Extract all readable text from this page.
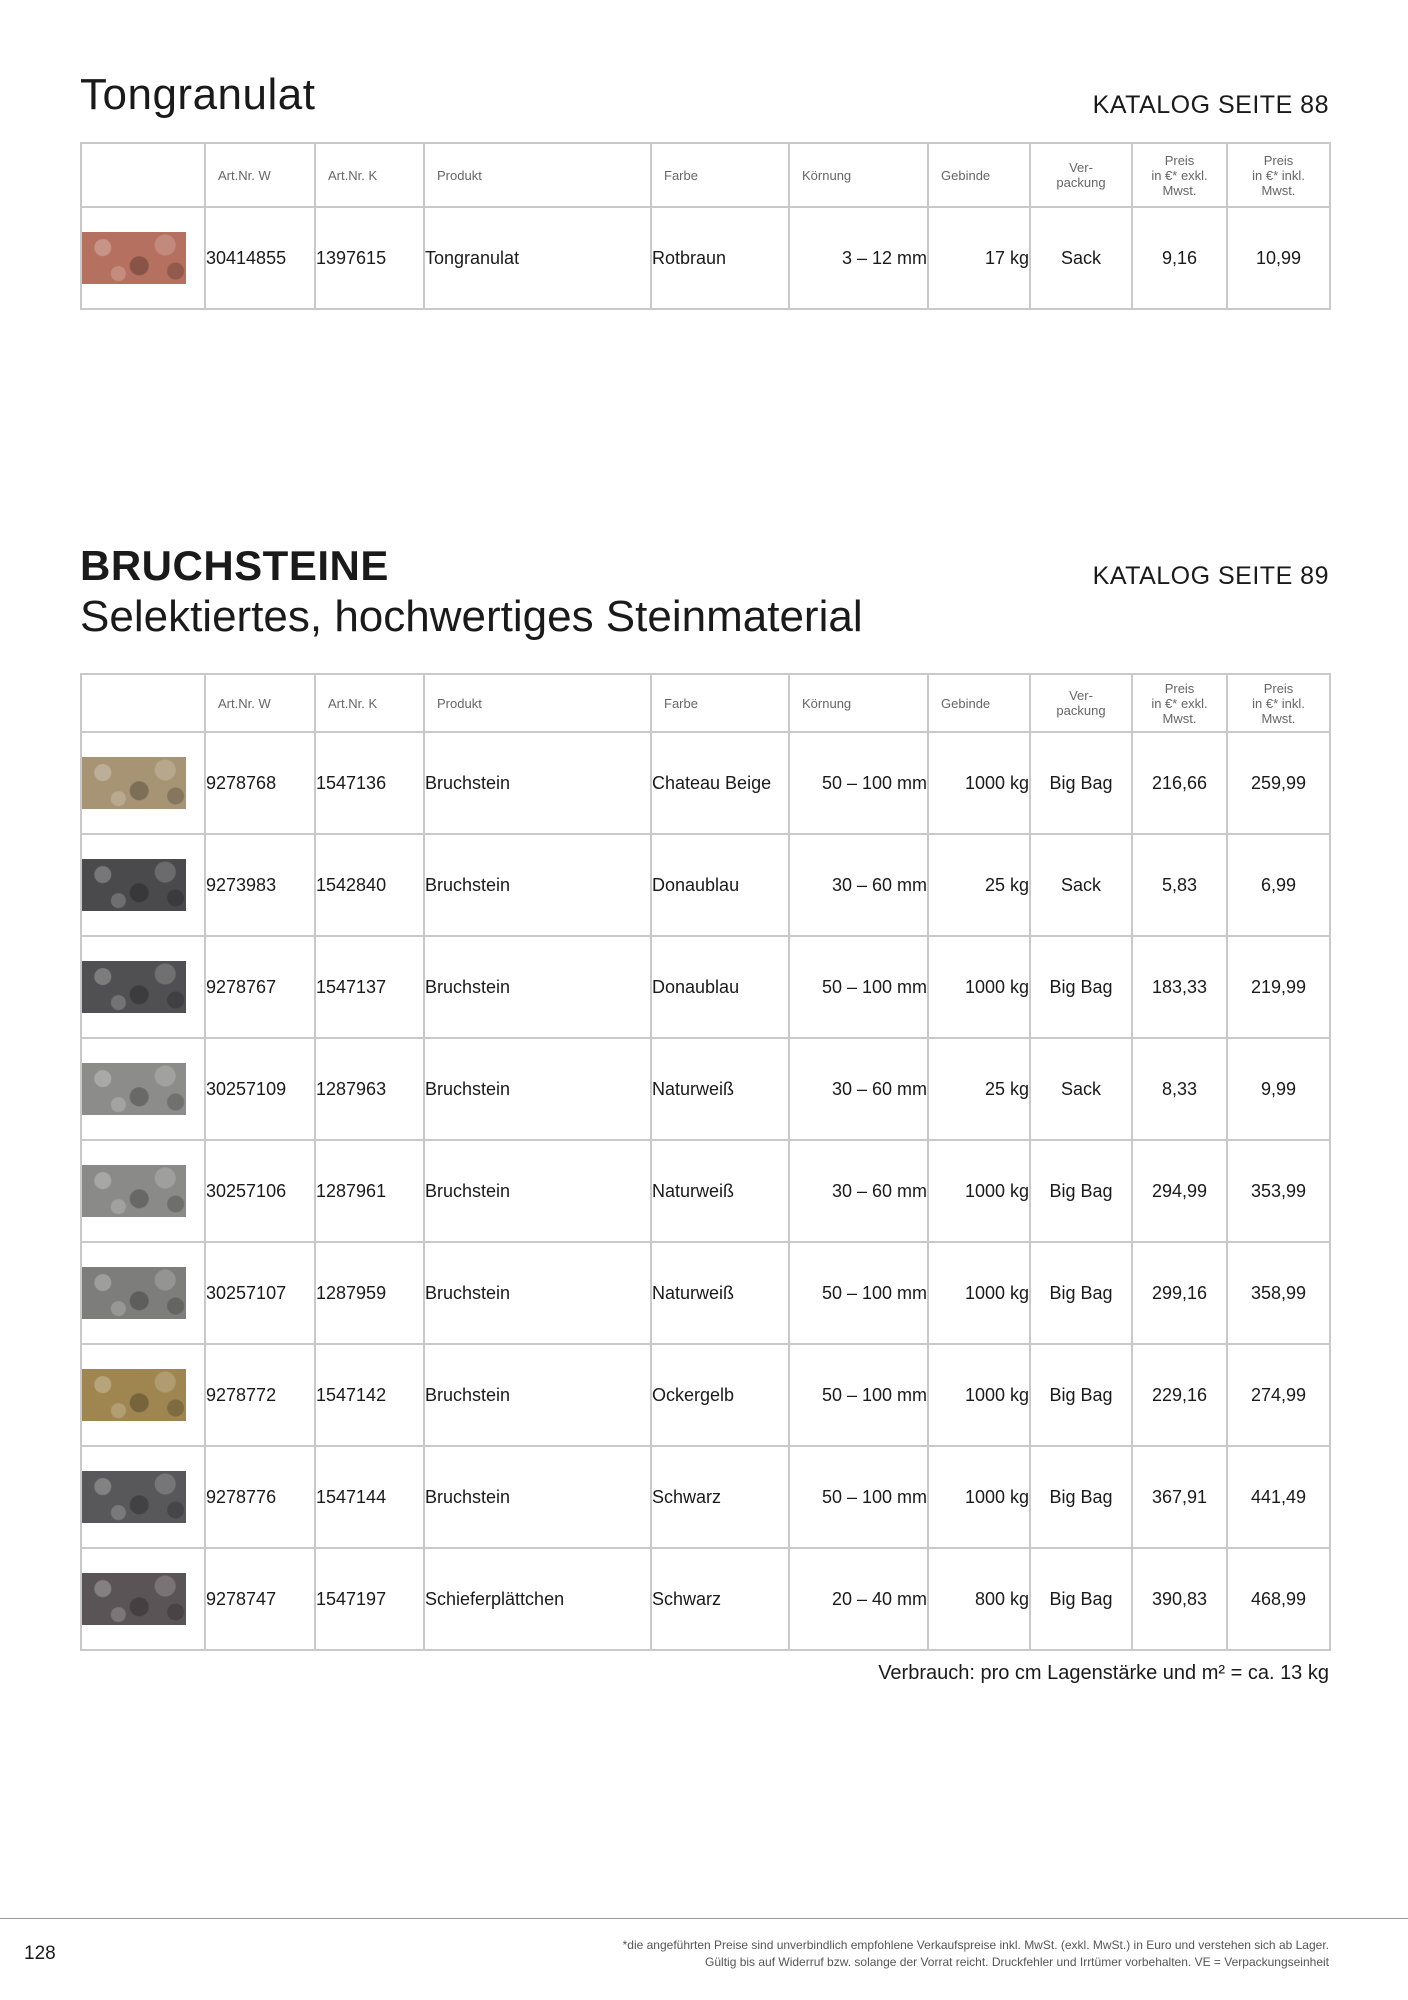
Tongranulat	KATALOG SEITE 88
	Art.Nr. W	Art.Nr. K	Produkt	Farbe	Körnung	Gebinde	Ver-
packung	Preis
in €* exkl.
Mwst.	Preis
in €* inkl.
Mwst.

	30414855	1397615	Tongranulat	Rotbraun	3 – 12 mm	17 kg	Sack	9,16	10,99
BRUCHSTEINE
Selektiertes, hochwertiges Steinmaterial
KATALOG SEITE 89
	Art.Nr. W	Art.Nr. K	Produkt	Farbe	Körnung	Gebinde	Ver-
packung	Preis
in €* exkl.
Mwst.	Preis
in €* inkl.
Mwst.

	9278768	1547136	Bruchstein	Chateau Beige	50 – 100 mm	1000 kg	Big Bag	216,66	259,99

	9273983	1542840	Bruchstein	Donaublau	30 – 60 mm	25 kg	Sack	5,83	6,99

	9278767	1547137	Bruchstein	Donaublau	50 – 100 mm	1000 kg	Big Bag	183,33	219,99

	30257109	1287963	Bruchstein	Naturweiß	30 – 60 mm	25 kg	Sack	8,33	9,99

	30257106	1287961	Bruchstein	Naturweiß	30 – 60 mm	1000 kg	Big Bag	294,99	353,99

	30257107	1287959	Bruchstein	Naturweiß	50 – 100 mm	1000 kg	Big Bag	299,16	358,99

	9278772	1547142	Bruchstein	Ockergelb	50 – 100 mm	1000 kg	Big Bag	229,16	274,99

	9278776	1547144	Bruchstein	Schwarz	50 – 100 mm	1000 kg	Big Bag	367,91	441,49

	9278747	1547197	Schieferplättchen	Schwarz	20 – 40 mm	800 kg	Big Bag	390,83	468,99
Verbrauch: pro cm Lagenstärke und m² = ca. 13 kg
128	*die angeführten Preise sind unverbindlich empfohlene Verkaufspreise inkl. MwSt. (exkl. MwSt.) in Euro und verstehen sich ab Lager.
Gültig bis auf Widerruf bzw. solange der Vorrat reicht. Druckfehler und Irrtümer vorbehalten. VE = Verpackungseinheit
